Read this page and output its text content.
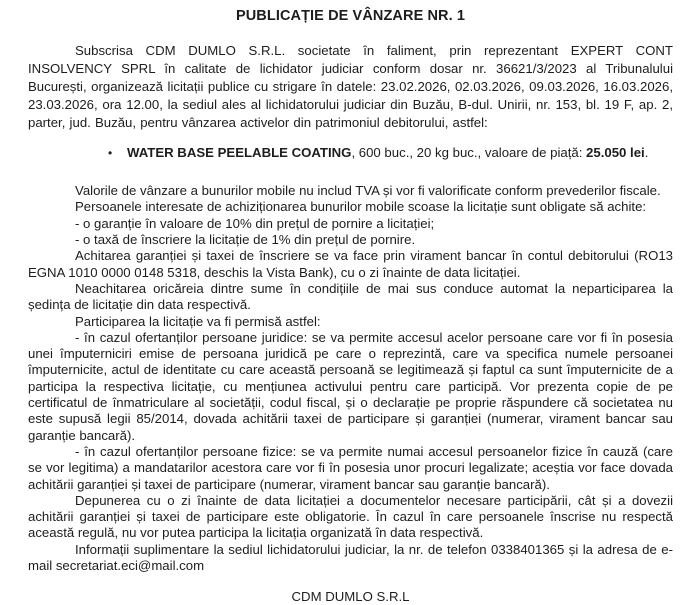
PUBLICAȚIE DE VÂNZARE NR. 1

Subscrisa CDM DUMLO S.R.L. societate în faliment, prin reprezentant EXPERT CONT INSOLVENCY SPRL în calitate de lichidator judiciar conform dosar nr. 36621/3/2023 al Tribunalului București, organizează licitații publice cu strigare în datele: 23.02.2026, 02.03.2026, 09.03.2026, 16.03.2026, 23.03.2026, ora 12.00, la sediul ales al lichidatorului judiciar din Buzău, B-dul. Unirii, nr. 153, bl. 19 F, ap. 2, parter, jud. Buzău, pentru vânzarea activelor din patrimoniul debitorului, astfel:

• WATER BASE PEELABLE COATING, 600 buc., 20 kg buc., valoare de piață: 25.050 lei.
Valorile de vânzare a bunurilor mobile nu includ TVA și vor fi valorificate conform prevederilor fiscale.
Persoanele interesate de achiziționarea bunurilor mobile scoase la licitație sunt obligate să achite:
- o garanție în valoare de 10% din prețul de pornire a licitației;
- o taxă de înscriere la licitație de 1% din prețul de pornire.

Achitarea garanției și taxei de înscriere se va face prin virament bancar în contul debitorului (RO13 EGNA 1010 0000 0148 5318, deschis la Vista Bank), cu o zi înainte de data licitației.

Neachitarea oricăreia dintre sume în condițiile de mai sus conduce automat la neparticiparea la ședința de licitație din data respectivă.

Participarea la licitație va fi permisă astfel:

- în cazul ofertanților persoane juridice: se va permite accesul acelor persoane care vor fi în posesia unei împuterniciri emise de persoana juridică pe care o reprezintă, care va specifica numele persoanei împuternicite, actul de identitate cu care această persoană se legitimează și faptul ca sunt împuternicite de a participa la respectiva licitație, cu mențiunea activului pentru care participă. Vor prezenta copie de pe certificatul de înmatriculare al societății, codul fiscal, și o declarație pe proprie răspundere că societatea nu este supusă legii 85/2014, dovada achitării taxei de participare și garanției (numerar, virament bancar sau garanție bancară).

- în cazul ofertanților persoane fizice: se va permite numai accesul persoanelor fizice în cauză (care se vor legitima) a mandatarilor acestora care vor fi în posesia unor procuri legalizate; aceștia vor face dovada achitării garanției și taxei de participare (numerar, virament bancar sau garanție bancară).

Depunerea cu o zi înainte de data licitației a documentelor necesare participării, cât și a dovezii achitării garanției și taxei de participare este obligatorie. În cazul în care persoanele înscrise nu respectă această regulă, nu vor putea participa la licitația organizată în data respectivă.

Informații suplimentare la sediul lichidatorului judiciar, la nr. de telefon 0338401365 și la adresa de e-mail secretariat.eci@mail.com

CDM DUMLO S.R.L
